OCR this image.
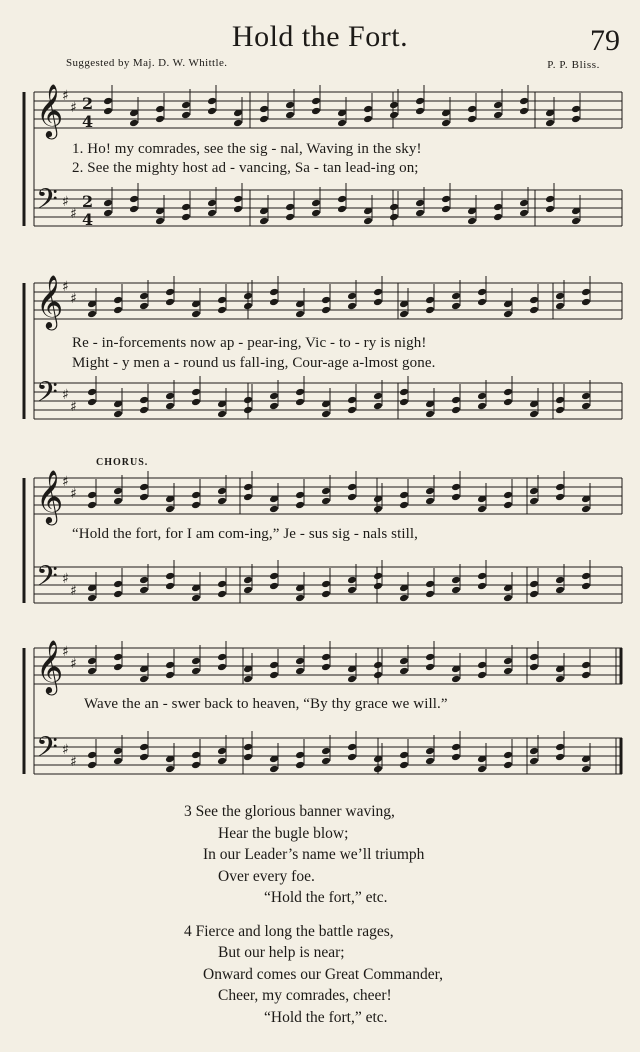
Hold the Fort.	79
Suggested by Maj. D. W. Whittle.	P. P. Bliss.
𝄞
♯
♯ 2
4
𝄢 ♯
♯
2
4
𝄞
♯
♯
𝄢 ♯
♯
𝄞
♯
♯
𝄢 ♯
♯
𝄞
♯
♯
𝄢 ♯
♯
1. Ho! my comrades, see the sig - nal, Waving in the sky!
2. See the mighty host ad - vancing, Sa - tan lead-ing on;
Re - in-forcements now ap - pear-ing, Vic - to - ry is nigh!
Might - y men a - round us fall-ing, Cour-age a-lmost gone.
CHORUS.
“Hold the fort, for I am com-ing,” Je - sus sig - nals still,
Wave the an - swer back to heaven, “By thy grace we will.”
3 See the glorious banner waving,
Hear the bugle blow;
In our Leader’s name we’ll triumph
Over every foe.
“Hold the fort,” etc.
4 Fierce and long the battle rages,
But our help is near;
Onward comes our Great Commander,
Cheer, my comrades, cheer!
“Hold the fort,” etc.
